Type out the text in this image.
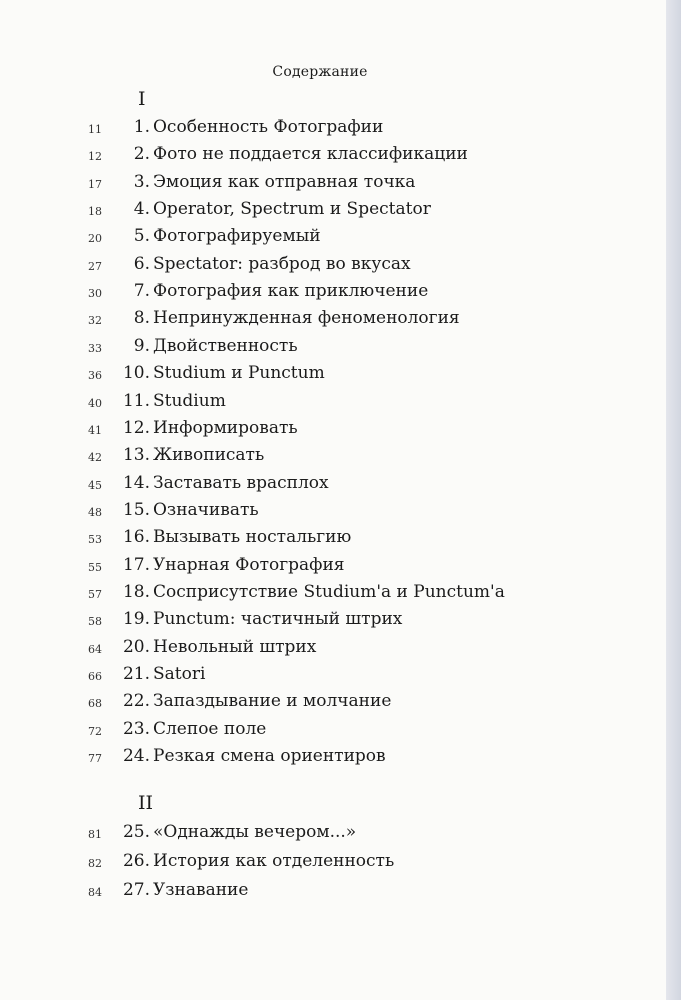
Содержание
I
11	1. Особенность Фотографии
12	2. Фото не поддается классификации
17	3. Эмоция как отправная точка
18	4. Operator, Spectrum и Spectator
20	5. Фотографируемый
27	6. Spectator: разброд во вкусах
30	7. Фотография как приключение
32	8. Непринужденная феноменология
33	9. Двойственность
36	10. Studium и Punctum
40	11. Studium
41	12. Информировать
42	13. Живописать
45	14. Заставать врасплох
48	15. Означивать
53	16. Вызывать ностальгию
55	17. Унарная Фотография
57	18. Сосприсутствие Studium'а и Punctum'а
58	19. Punctum: частичный штрих
64	20. Невольный штрих
66	21. Satori
68	22. Запаздывание и молчание
72	23. Слепое поле
77	24. Резкая смена ориентиров
II
81	25. «Однажды вечером...»
82	26. История как отделенность
84	27. Узнавание
